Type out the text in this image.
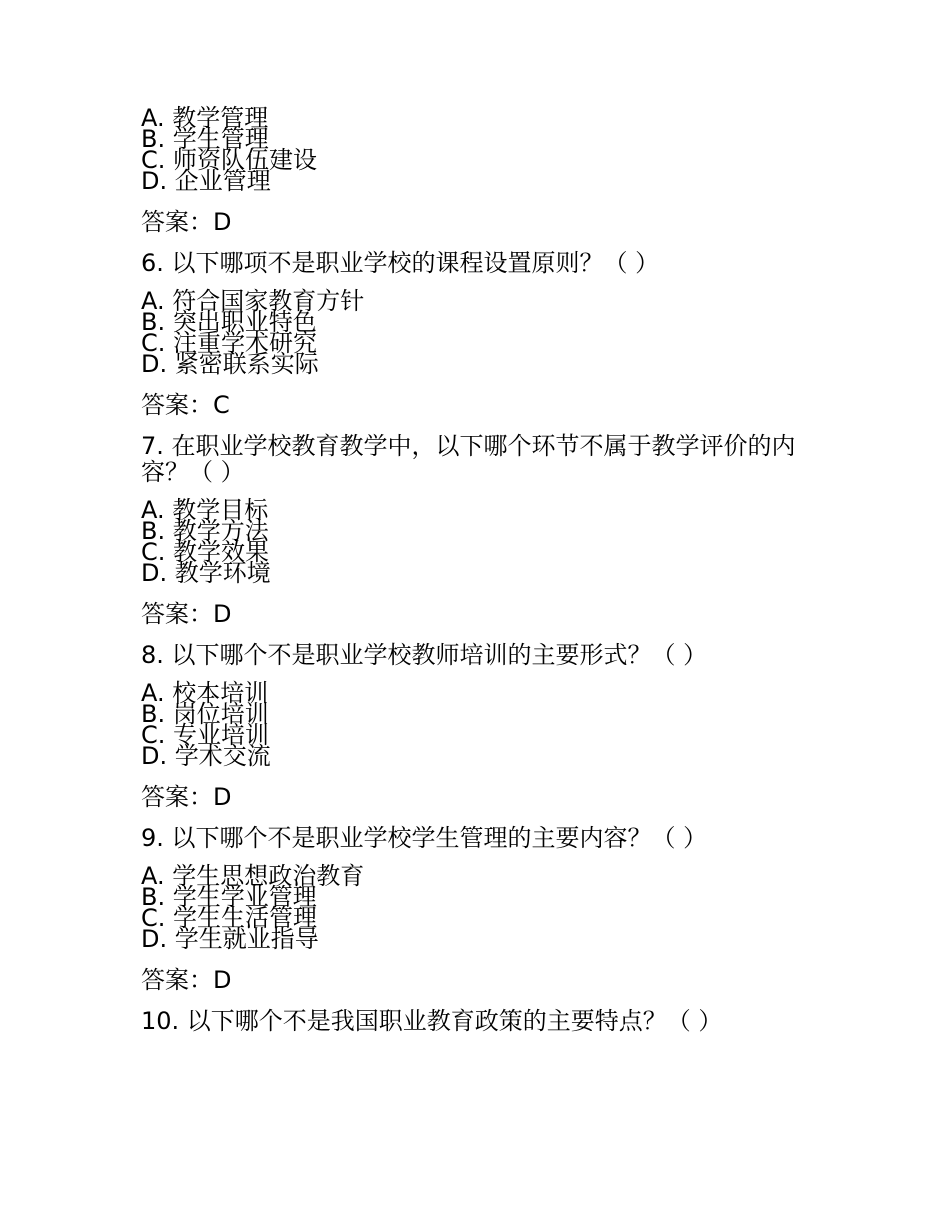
A. 教学管理
B. 学生管理
C. 师资队伍建设
D. 企业管理
答案：D
6. 以下哪项不是职业学校的课程设置原则？（ ）
A. 符合国家教育方针
B. 突出职业特色
C. 注重学术研究
D. 紧密联系实际
答案：C
7. 在职业学校教育教学中，以下哪个环节不属于教学评价的内容？（ ）
A. 教学目标
B. 教学方法
C. 教学效果
D. 教学环境
答案：D
8. 以下哪个不是职业学校教师培训的主要形式？（ ）
A. 校本培训
B. 岗位培训
C. 专业培训
D. 学术交流
答案：D
9. 以下哪个不是职业学校学生管理的主要内容？（ ）
A. 学生思想政治教育
B. 学生学业管理
C. 学生生活管理
D. 学生就业指导
答案：D
10. 以下哪个不是我国职业教育政策的主要特点？（ ）
